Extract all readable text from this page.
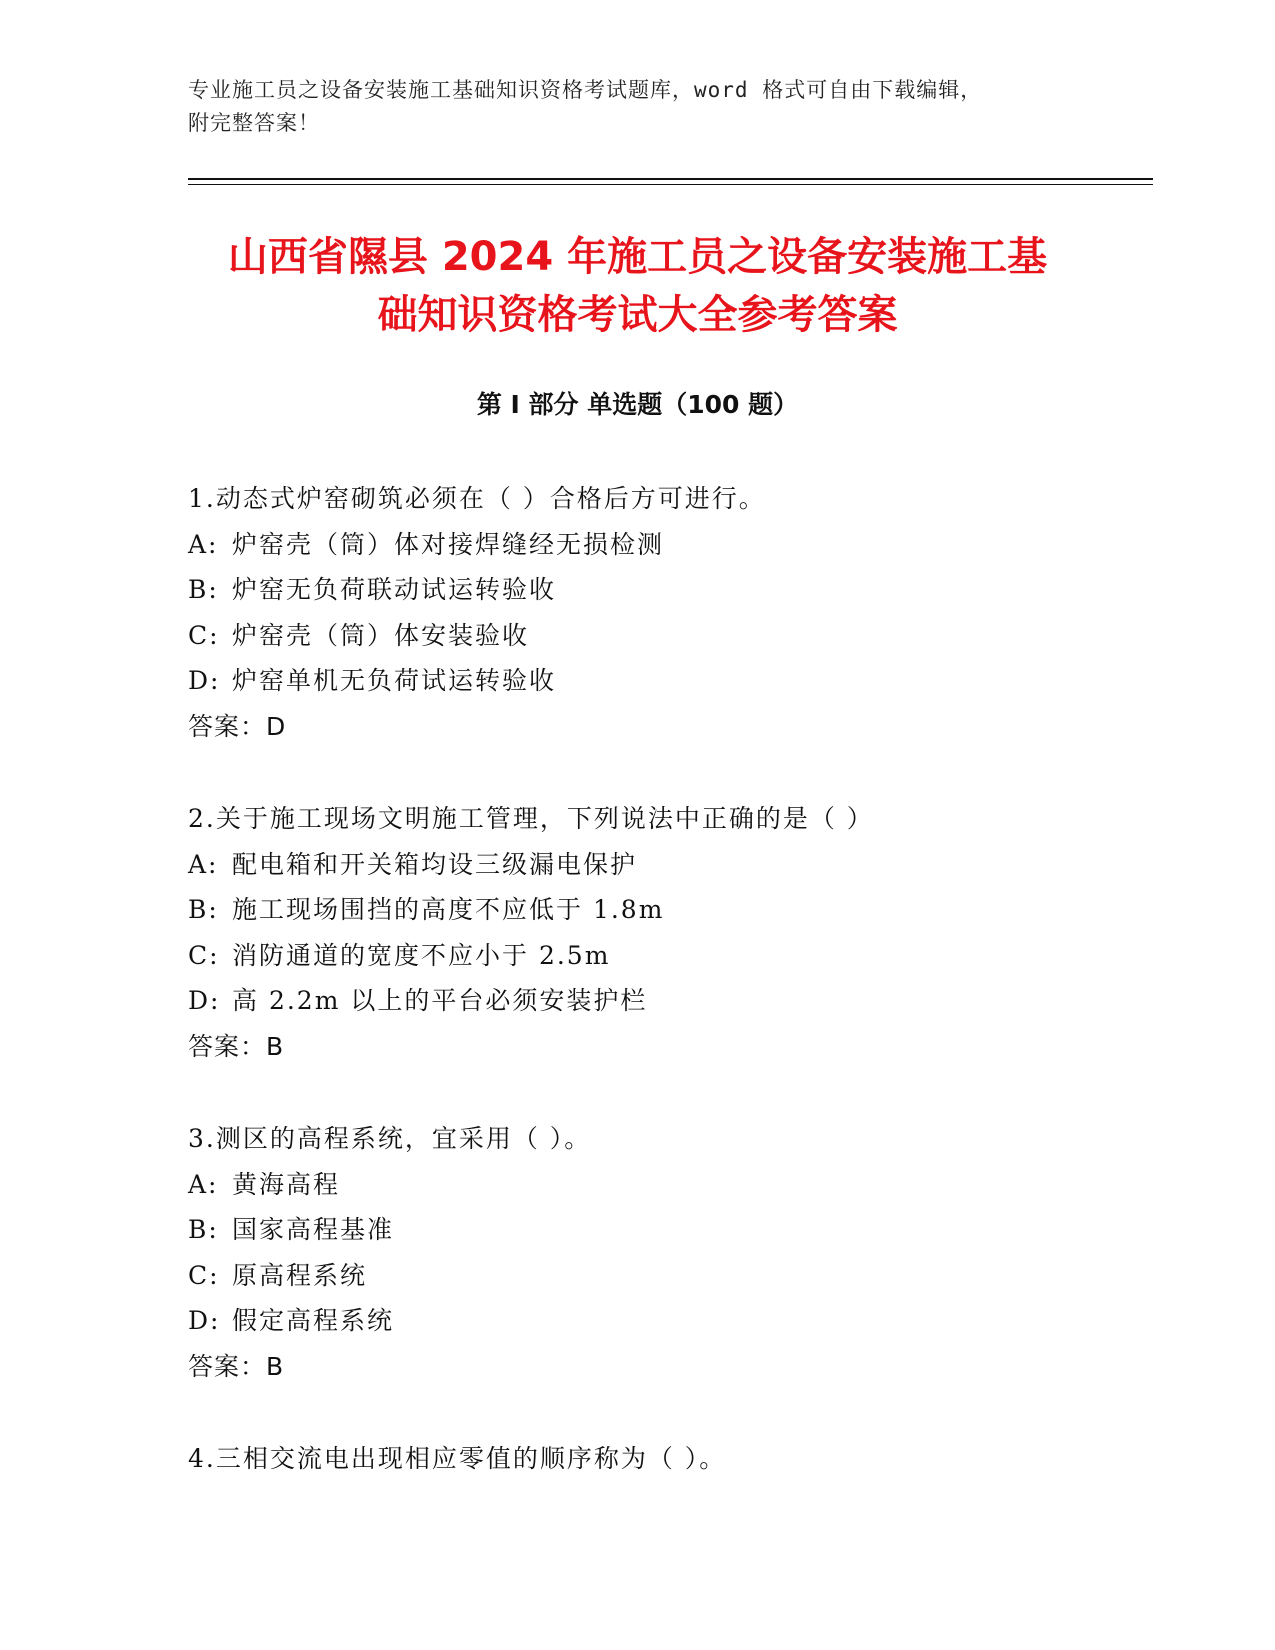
专业施工员之设备安装施工基础知识资格考试题库，word 格式可自由下载编辑，
附完整答案！
山西省隰县 2024 年施工员之设备安装施工基
础知识资格考试大全参考答案
第 I 部分 单选题（100 题）
1.动态式炉窑砌筑必须在（ ）合格后方可进行。
A: 炉窑壳（筒）体对接焊缝经无损检测
B: 炉窑无负荷联动试运转验收
C: 炉窑壳（筒）体安装验收
D: 炉窑单机无负荷试运转验收
答案：D
2.关于施工现场文明施工管理，下列说法中正确的是（ ）
A: 配电箱和开关箱均设三级漏电保护
B: 施工现场围挡的高度不应低于 1.8m
C: 消防通道的宽度不应小于 2.5m
D: 高 2.2m 以上的平台必须安装护栏
答案：B
3.测区的高程系统，宜采用（ ）。
A: 黄海高程
B: 国家高程基准
C: 原高程系统
D: 假定高程系统
答案：B
4.三相交流电出现相应零值的顺序称为（ ）。
